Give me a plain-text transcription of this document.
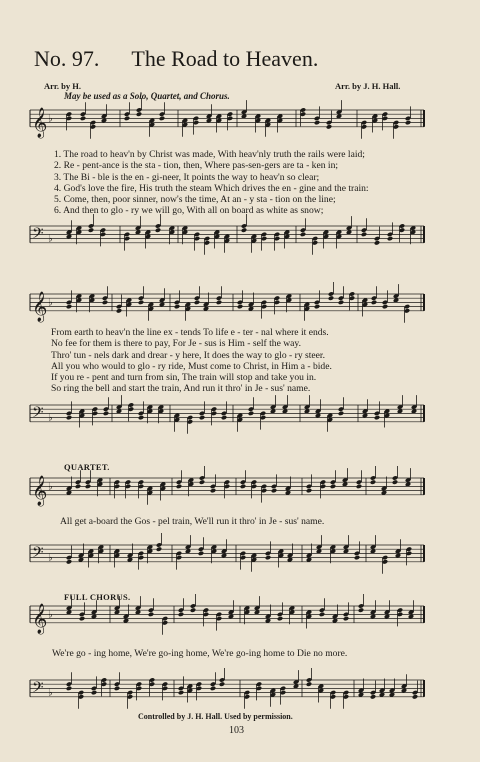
No. 97. The Road to Heaven.
Arr. by H.	Arr. by J. H. Hall.
May be used as a Solo, Quartet, and Chorus.
1. The road to heav'n by Christ was made, With heav'nly truth the rails were laid;
2. Re - pent-ance is the sta - tion, then, Where pas-sen-gers are ta - ken in;
3. The Bi - ble is the en - gi-neer, It points the way to heav'n so clear;
4. God's love the fire, His truth the steam Which drives the en - gine and the train:
5. Come, then, poor sinner, now's the time, At an - y sta - tion on the line;
6. And then to glo - ry we will go, With all on board as white as snow;
From earth to heav'n the line ex - tends To life e - ter - nal where it ends.
No fee for them is there to pay, For Je - sus is Him - self the way.
Thro' tun - nels dark and drear - y here, It does the way to glo - ry steer.
All you who would to glo - ry ride, Must come to Christ, in Him a - bide.
If you re - pent and turn from sin, The train will stop and take you in.
So ring the bell and start the train, And run it thro' in Je - sus' name.
QUARTET.
All get a-board the Gos - pel train, We'll run it thro' in Je - sus' name.
FULL CHORUS.
We're go - ing home, We're go-ing home, We're go-ing home to Die no more.
Controlled by J. H. Hall. Used by permission.
103
𝄞 ♭
𝄢 ♭
𝄞 ♭
𝄢 ♭
𝄞 ♭
𝄢 ♭
𝄞 ♭
𝄢 ♭
